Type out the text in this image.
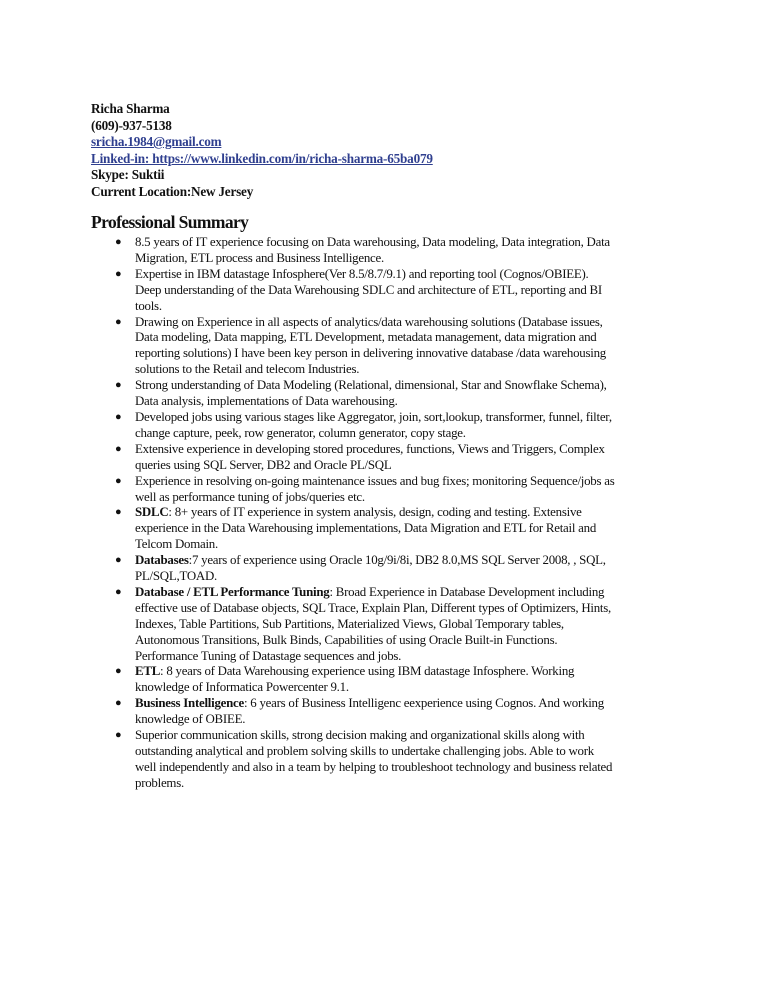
Richa Sharma
(609)-937-5138
sricha.1984@gmail.com
Linked-in: https://www.linkedin.com/in/richa-sharma-65ba079
Skype: Suktii
Current Location:New Jersey
Professional Summary
● 8.5 years of IT experience focusing on Data warehousing, Data modeling, Data integration, Data
Migration, ETL process and Business Intelligence.
● Expertise in IBM datastage Infosphere(Ver 8.5/8.7/9.1) and reporting tool (Cognos/OBIEE).
Deep understanding of the Data Warehousing SDLC and architecture of ETL, reporting and BI
tools.
● Drawing on Experience in all aspects of analytics/data warehousing solutions (Database issues,
Data modeling, Data mapping, ETL Development, metadata management, data migration and
reporting solutions) I have been key person in delivering innovative database /data warehousing
solutions to the Retail and telecom Industries.
● Strong understanding of Data Modeling (Relational, dimensional, Star and Snowflake Schema),
Data analysis, implementations of Data warehousing.
● Developed jobs using various stages like Aggregator, join, sort,lookup, transformer, funnel, filter,
change capture, peek, row generator, column generator, copy stage.
● Extensive experience in developing stored procedures, functions, Views and Triggers, Complex
queries using SQL Server, DB2 and Oracle PL/SQL
● Experience in resolving on-going maintenance issues and bug fixes; monitoring Sequence/jobs as
well as performance tuning of jobs/queries etc.
● SDLC: 8+ years of IT experience in system analysis, design, coding and testing. Extensive
experience in the Data Warehousing implementations, Data Migration and ETL for Retail and
Telcom Domain.
● Databases:7 years of experience using Oracle 10g/9i/8i, DB2 8.0,MS SQL Server 2008, , SQL,
PL/SQL,TOAD.
● Database / ETL Performance Tuning: Broad Experience in Database Development including
effective use of Database objects, SQL Trace, Explain Plan, Different types of Optimizers, Hints,
Indexes, Table Partitions, Sub Partitions, Materialized Views, Global Temporary tables,
Autonomous Transitions, Bulk Binds, Capabilities of using Oracle Built-in Functions.
Performance Tuning of Datastage sequences and jobs.
● ETL: 8 years of Data Warehousing experience using IBM datastage Infosphere. Working
knowledge of Informatica Powercenter 9.1.
● Business Intelligence: 6 years of Business Intelligenc eexperience using Cognos. And working
knowledge of OBIEE.
● Superior communication skills, strong decision making and organizational skills along with
outstanding analytical and problem solving skills to undertake challenging jobs. Able to work
well independently and also in a team by helping to troubleshoot technology and business related
problems.
